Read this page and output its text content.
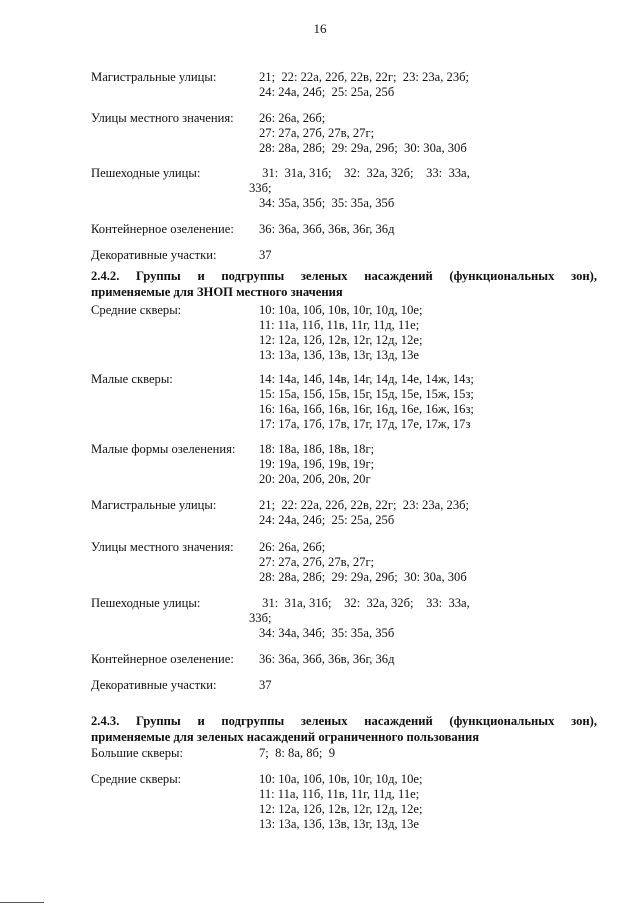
16
Магистральные улицы:	21;  22: 22а, 22б, 22в, 22г;  23: 23а, 23б;
24: 24а, 24б;  25: 25а, 25б
Улицы местного значения: 26: 26а, 26б;
27: 27а, 27б, 27в, 27г;
28: 28а, 28б;  29: 29а, 29б;  30: 30а, 30б
Пешеходные улицы:	31:  31а, 31б;    32:  32а, 32б;    33:  33а,
33б;
34: 35а, 35б;  35: 35а, 35б
Контейнерное озеленение: 36: 36а, 36б, 36в, 36г, 36д
Декоративные участки:	37
2.4.2. Группы и подгруппы зеленых насаждений (функциональных зон),
применяемые для ЗНОП местного значения
Средние скверы:	10: 10а, 10б, 10в, 10г, 10д, 10е;
11: 11а, 11б, 11в, 11г, 11д, 11е;
12: 12а, 12б, 12в, 12г, 12д, 12е;
13: 13а, 13б, 13в, 13г, 13д, 13е
Малые скверы:	14: 14а, 14б, 14в, 14г, 14д, 14е, 14ж, 14з;
15: 15а, 15б, 15в, 15г, 15д, 15е, 15ж, 15з;
16: 16а, 16б, 16в, 16г, 16д, 16е, 16ж, 16з;
17: 17а, 17б, 17в, 17г, 17д, 17е, 17ж, 17з
Малые формы озеленения: 18: 18а, 18б, 18в, 18г;
19: 19а, 19б, 19в, 19г;
20: 20а, 20б, 20в, 20г
Магистральные улицы:	21;  22: 22а, 22б, 22в, 22г;  23: 23а, 23б;
24: 24а, 24б;  25: 25а, 25б
Улицы местного значения: 26: 26а, 26б;
27: 27а, 27б, 27в, 27г;
28: 28а, 28б;  29: 29а, 29б;  30: 30а, 30б
Пешеходные улицы:	31:  31а, 31б;    32:  32а, 32б;    33:  33а,
33б;
34: 34а, 34б;  35: 35а, 35б
Контейнерное озеленение: 36: 36а, 36б, 36в, 36г, 36д
Декоративные участки:	37
2.4.3. Группы и подгруппы зеленых насаждений (функциональных зон),
применяемые для зеленых насаждений ограниченного пользования
Большие скверы:	7;  8: 8а, 8б;  9
Средние скверы:	10: 10а, 10б, 10в, 10г, 10д, 10е;
11: 11а, 11б, 11в, 11г, 11д, 11е;
12: 12а, 12б, 12в, 12г, 12д, 12е;
13: 13а, 13б, 13в, 13г, 13д, 13е
